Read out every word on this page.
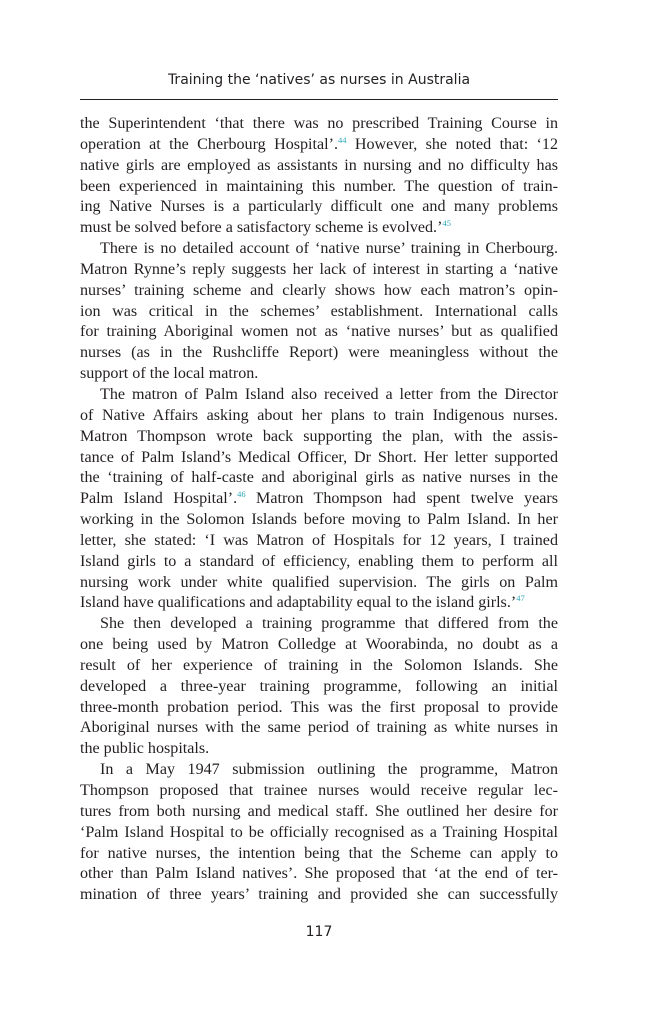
Training the ‘natives’ as nurses in Australia
the Superintendent ‘that there was no prescribed Training Course in
operation at the Cherbourg Hospital’.$^{44}$ However, she noted that: ‘12
native girls are employed as assistants in nursing and no difficulty has
been experienced in maintaining this number. The question of train-
ing Native Nurses is a particularly difficult one and many problems
must be solved before a satisfactory scheme is evolved.’$^{45}$
There is no detailed account of ‘native nurse’ training in Cherbourg.
Matron Rynne’s reply suggests her lack of interest in starting a ‘native
nurses’ training scheme and clearly shows how each matron’s opin-
ion was critical in the schemes’ establishment. International calls
for training Aboriginal women not as ‘native nurses’ but as qualified
nurses (as in the Rushcliffe Report) were meaningless without the
support of the local matron.
The matron of Palm Island also received a letter from the Director
of Native Affairs asking about her plans to train Indigenous nurses.
Matron Thompson wrote back supporting the plan, with the assis-
tance of Palm Island’s Medical Officer, Dr Short. Her letter supported
the ‘training of half-caste and aboriginal girls as native nurses in the
Palm Island Hospital’.$^{46}$ Matron Thompson had spent twelve years
working in the Solomon Islands before moving to Palm Island. In her
letter, she stated: ‘I was Matron of Hospitals for 12 years, I trained
Island girls to a standard of efficiency, enabling them to perform all
nursing work under white qualified supervision. The girls on Palm
Island have qualifications and adaptability equal to the island girls.’$^{47}$
She then developed a training programme that differed from the
one being used by Matron Colledge at Woorabinda, no doubt as a
result of her experience of training in the Solomon Islands. She
developed a three-year training programme, following an initial
three-month probation period. This was the first proposal to provide
Aboriginal nurses with the same period of training as white nurses in
the public hospitals.
In a May 1947 submission outlining the programme, Matron
Thompson proposed that trainee nurses would receive regular lec-
tures from both nursing and medical staff. She outlined her desire for
‘Palm Island Hospital to be officially recognised as a Training Hospital
for native nurses, the intention being that the Scheme can apply to
other than Palm Island natives’. She proposed that ‘at the end of ter-
mination of three years’ training and provided she can successfully
117
